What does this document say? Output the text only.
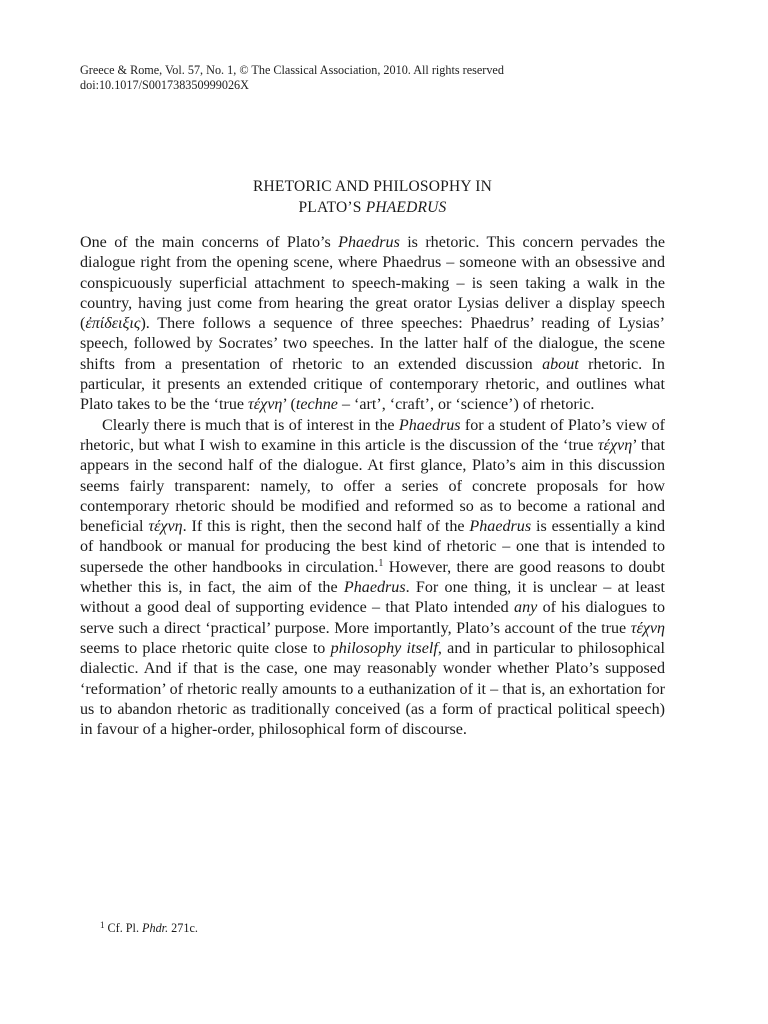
Greece & Rome, Vol. 57, No. 1, © The Classical Association, 2010. All rights reserved
doi:10.1017/S001738350999026X
RHETORIC AND PHILOSOPHY IN
PLATO’S PHAEDRUS

One of the main concerns of Plato’s Phaedrus is rhetoric. This concern pervades the dialogue right from the opening scene, where Phaedrus – someone with an obsessive and conspicuously superficial attachment to speech-making – is seen taking a walk in the country, having just come from hearing the great orator Lysias deliver a display speech (ἐπίδειξις). There follows a sequence of three speeches: Phaedrus’ reading of Lysias’ speech, followed by Socrates’ two speeches. In the latter half of the dialogue, the scene shifts from a presentation of rhetoric to an extended discussion about rhetoric. In particular, it presents an extended critique of contemporary rhetoric, and outlines what Plato takes to be the ‘true τέχνη’ (techne – ‘art’, ‘craft’, or ‘science’) of rhetoric.

Clearly there is much that is of interest in the Phaedrus for a student of Plato’s view of rhetoric, but what I wish to examine in this article is the discussion of the ‘true τέχνη’ that appears in the second half of the dialogue. At first glance, Plato’s aim in this discussion seems fairly transparent: namely, to offer a series of concrete proposals for how contemporary rhetoric should be modified and reformed so as to become a rational and beneficial τέχνη. If this is right, then the second half of the Phaedrus is essentially a kind of handbook or manual for producing the best kind of rhetoric – one that is intended to supersede the other handbooks in circulation.$^1$ However, there are good reasons to doubt whether this is, in fact, the aim of the Phaedrus. For one thing, it is unclear – at least without a good deal of supporting evidence – that Plato intended any of his dialogues to serve such a direct ‘practical’ purpose. More importantly, Plato’s account of the true τέχνη seems to place rhetoric quite close to philosophy itself, and in particular to philosophical dialectic. And if that is the case, one may reasonably wonder whether Plato’s supposed ‘reformation’ of rhetoric really amounts to a euthanization of it – that is, an exhortation for us to abandon rhetoric as traditionally conceived (as a form of practical political speech) in favour of a higher-order, philosophical form of discourse.

$^1$ Cf. Pl. Phdr. 271c.
